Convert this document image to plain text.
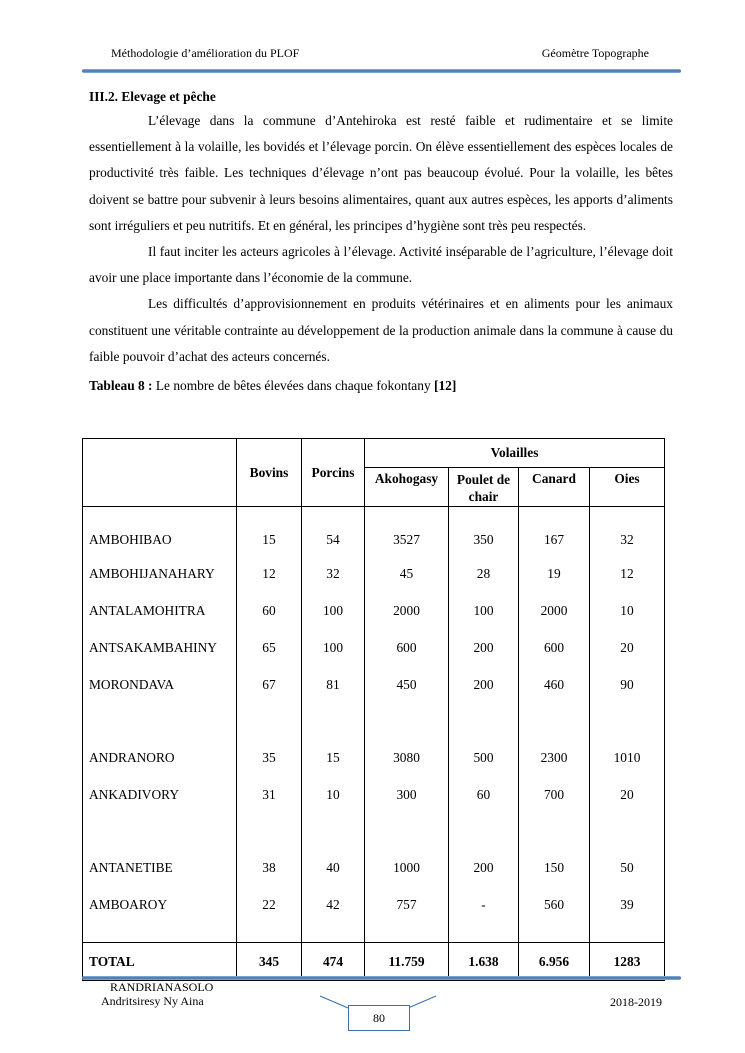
Méthodologie d’amélioration du PLOF	Géomètre Topographe
III.2. Elevage et pêche

L’élevage dans la commune d’Antehiroka est resté faible et rudimentaire et se limite essentiellement à la volaille, les bovidés et l’élevage porcin. On élève essentiellement des espèces locales de productivité très faible. Les techniques d’élevage n’ont pas beaucoup évolué. Pour la volaille, les bêtes doivent se battre pour subvenir à leurs besoins alimentaires, quant aux autres espèces, les apports d’aliments sont irréguliers et peu nutritifs. Et en général, les principes d’hygiène sont très peu respectés.

Il faut inciter les acteurs agricoles à l’élevage. Activité inséparable de l’agriculture, l’élevage doit avoir une place importante dans l’économie de la commune.

Les difficultés d’approvisionnement en produits vétérinaires et en aliments pour les animaux constituent une véritable contrainte au développement de la production animale dans la commune à cause du faible pouvoir d’achat des acteurs concernés.

Tableau 8 : Le nombre de bêtes élevées dans chaque fokontany [12]
	Bovins	Porcins	Volailles			
			Akohogasy	Poulet de chair	Canard	Oies
AMBOHIBAO	15	54	3527	350	167	32
AMBOHIJANAHARY	12	32	45	28	19	12
ANTALAMOHITRA	60	100	2000	100	2000	10
ANTSAKAMBAHINY	65	100	600	200	600	20
MORONDAVA	67	81	450	200	460	90
ANDRANORO	35	15	3080	500	2300	1010
ANKADIVORY	31	10	300	60	700	20
ANTANETIBE	38	40	1000	200	150	50
AMBOAROY	22	42	757	-	560	39

TOTAL	345	474	11.759	1.638	6.956	1283
RANDRIANASOLO
Andritsiresy Ny Aina	2018-2019
80
